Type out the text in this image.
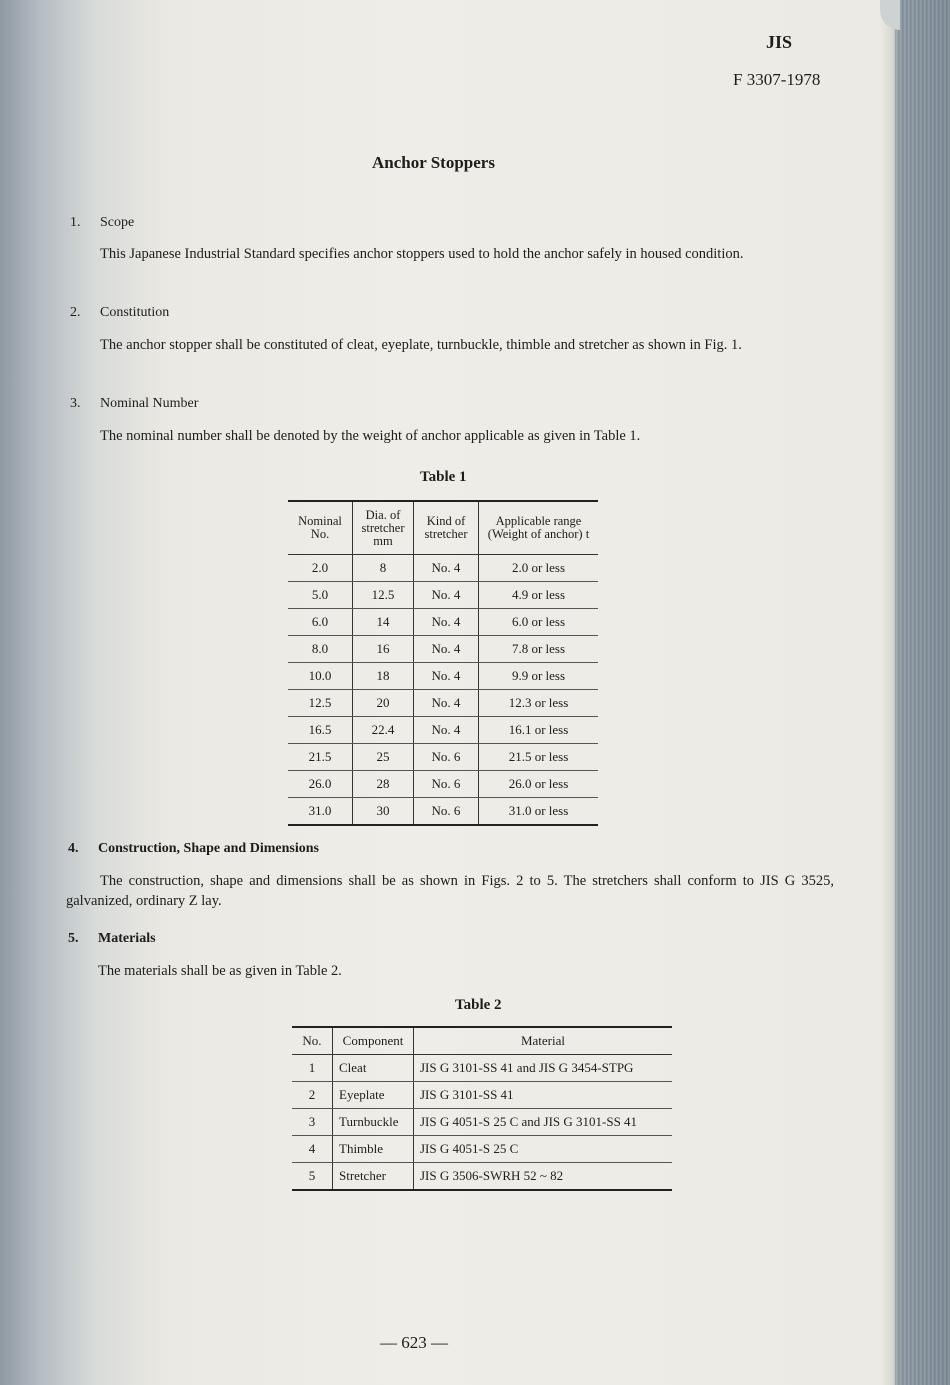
JIS
F 3307-1978
Anchor Stoppers
1. Scope
This Japanese Industrial Standard specifies anchor stoppers used to hold the anchor safely in housed condition.
2. Constitution
The anchor stopper shall be constituted of cleat, eyeplate, turnbuckle, thimble and stretcher as shown in Fig. 1.
3. Nominal Number
The nominal number shall be denoted by the weight of anchor applicable as given in Table 1.
Table 1
Nominal No.	Dia. of stretcher mm	Kind of stretcher	Applicable range (Weight of anchor) t
2.0	8	No. 4	2.0 or less
5.0	12.5	No. 4	4.9 or less
6.0	14	No. 4	6.0 or less
8.0	16	No. 4	7.8 or less
10.0	18	No. 4	9.9 or less
12.5	20	No. 4	12.3 or less
16.5	22.4	No. 4	16.1 or less
21.5	25	No. 6	21.5 or less
26.0	28	No. 6	26.0 or less
31.0	30	No. 6	31.0 or less
4. Construction, Shape and Dimensions
The construction, shape and dimensions shall be as shown in Figs. 2 to 5. The stretchers shall conform to JIS G 3525, galvanized, ordinary Z lay.
5. Materials
The materials shall be as given in Table 2.
Table 2
No.	Component	Material
1	Cleat	JIS G 3101-SS 41 and JIS G 3454-STPG
2	Eyeplate	JIS G 3101-SS 41
3	Turnbuckle	JIS G 4051-S 25 C and JIS G 3101-SS 41
4	Thimble	JIS G 4051-S 25 C
5	Stretcher	JIS G 3506-SWRH 52 ~ 82
— 623 —
